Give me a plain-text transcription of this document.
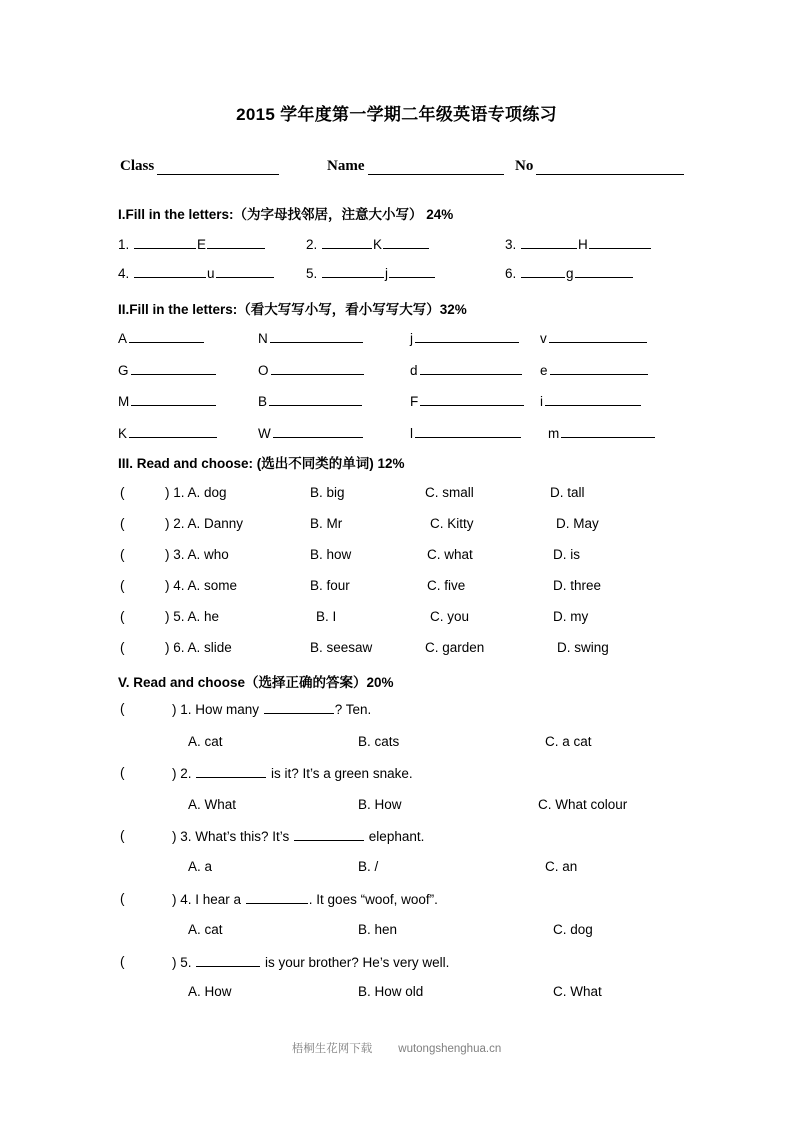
2015 学年度第一学期二年级英语专项练习
Class	Name	No
I.Fill in the letters:（为字母找邻居，注意大小写） 24%
1.	E	2.	K	3.	H
4.	u	5.	j	6.	g
II.Fill in the letters:（看大写写小写，看小写写大写）32%
A	N	j	v
G	O	d	e
M	B	F	i
K	W	l	m
III. Read and choose: (选出不同类的单词) 12%
(	) 1. A. dog	B. big	C. small	D. tall
(	) 2. A. Danny	B. Mr	C. Kitty	D. May
(	) 3. A. who	B. how	C. what	D. is
(	) 4. A. some	B. four	C. five	D. three
(	) 5. A. he	B. I	C. you	D. my
(	) 6. A. slide	B. seesaw	C. garden	D. swing
V. Read and choose（选择正确的答案）20%
(	) 1. How many	? Ten.
A. cat	B. cats	C. a cat
(	) 2.	is it? It’s a green snake.
A. What	B. How	C. What colour
(	) 3. What’s this? It’s	elephant.
A. a	B. /	C. an
(	) 4. I hear a	. It goes “woof, woof”.
A. cat	B. hen	C. dog
(	) 5.	is your brother? He’s very well.
A. How	B. How old	C. What
梧桐生花网下载 wutongshenghua.cn
